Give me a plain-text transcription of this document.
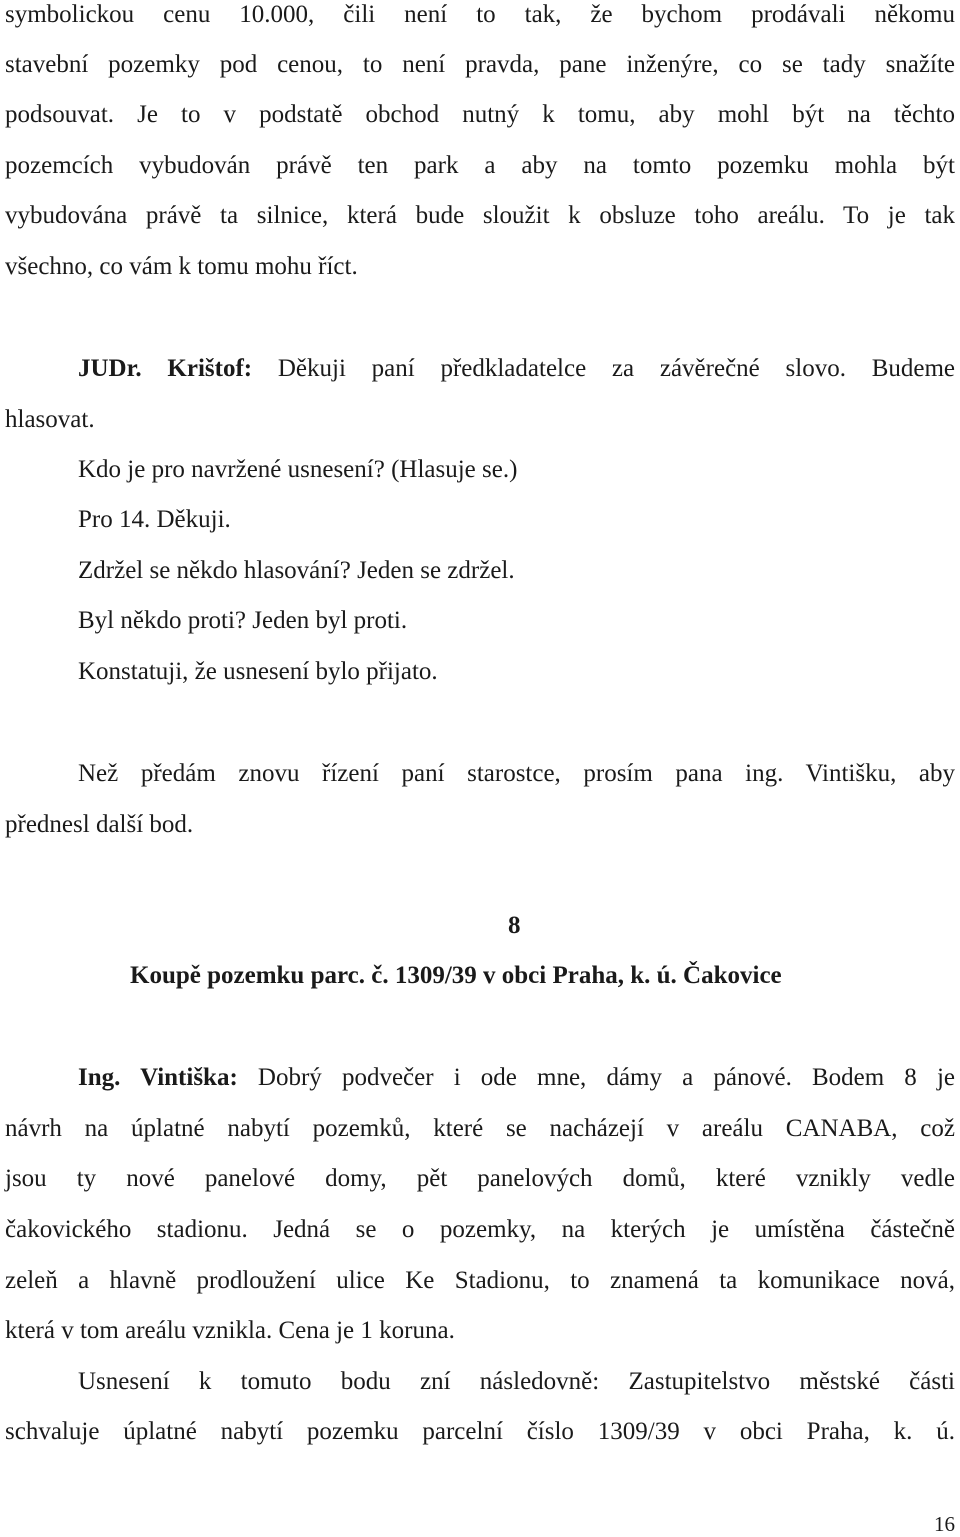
symbolickou cenu 10.000, čili není to tak, že bychom prodávali někomu
stavební pozemky pod cenou, to není pravda, pane inženýre, co se tady snažíte
podsouvat. Je to v podstatě obchod nutný k tomu, aby mohl být na těchto
pozemcích vybudován právě ten park a aby na tomto pozemku mohla být
vybudována právě ta silnice, která bude sloužit k obsluze toho areálu. To je tak
všechno, co vám k tomu mohu říct.
JUDr. Krištof: Děkuji paní předkladatelce za závěrečné slovo. Budeme
hlasovat.
Kdo je pro navržené usnesení? (Hlasuje se.)
Pro 14. Děkuji.
Zdržel se někdo hlasování? Jeden se zdržel.
Byl někdo proti? Jeden byl proti.
Konstatuji, že usnesení bylo přijato.
Než předám znovu řízení paní starostce, prosím pana ing. Vintišku, aby
přednesl další bod.
8
Koupě pozemku parc. č. 1309/39 v obci Praha, k. ú. Čakovice
Ing. Vintiška: Dobrý podvečer i ode mne, dámy a pánové. Bodem 8 je
návrh na úplatné nabytí pozemků, které se nacházejí v areálu CANABA, což
jsou ty nové panelové domy, pět panelových domů, které vznikly vedle
čakovického stadionu. Jedná se o pozemky, na kterých je umístěna částečně
zeleň a hlavně prodloužení ulice Ke Stadionu, to znamená ta komunikace nová,
která v tom areálu vznikla. Cena je 1 koruna.
Usnesení k tomuto bodu zní následovně: Zastupitelstvo městské části
schvaluje úplatné nabytí pozemku parcelní číslo 1309/39 v obci Praha, k. ú.
16
